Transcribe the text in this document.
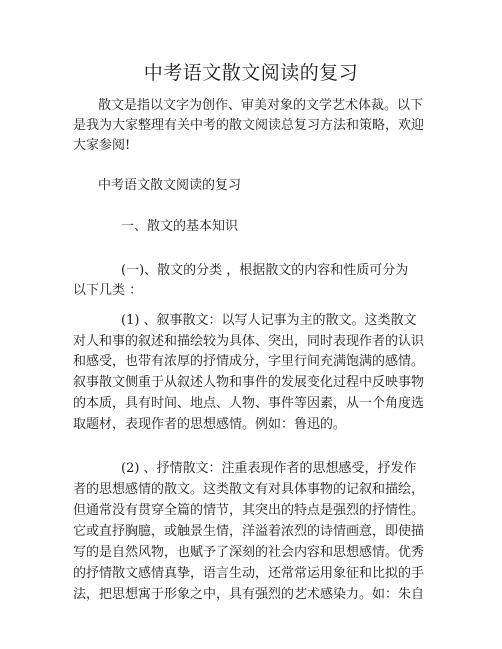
中考语文散文阅读的复习

散文是指以文字为创作、审美对象的文学艺术体裁。以下

是我为大家整理有关中考的散文阅读总复习方法和策略，欢迎

大家参阅!

中考语文散文阅读的复习

一、散文的基本知识

(一)、散文的分类 ，根据散文的内容和性质可分为

以下几类 ：

(1) 、叙事散文：以写人记事为主的散文。这类散文

对人和事的叙述和描绘较为具体、突出，同时表现作者的认识

和感受，也带有浓厚的抒情成分，字里行间充满饱满的感情。

叙事散文侧重于从叙述人物和事件的发展变化过程中反映事物

的本质，具有时间、地点、人物、事件等因素，从一个角度选

取题材，表现作者的思想感情。例如：鲁迅的。

(2) 、抒情散文：注重表现作者的思想感受，抒发作

者的思想感情的散文。这类散文有对具体事物的记叙和描绘，

但通常没有贯穿全篇的情节，其突出的特点是强烈的抒情性。

它或直抒胸臆，或触景生情，洋溢着浓烈的诗情画意，即使描

写的是自然风物，也赋予了深刻的社会内容和思想感情。优秀

的抒情散文感情真挚，语言生动，还常常运用象征和比拟的手

法，把思想寓于形象之中，具有强烈的艺术感染力。如：朱自
